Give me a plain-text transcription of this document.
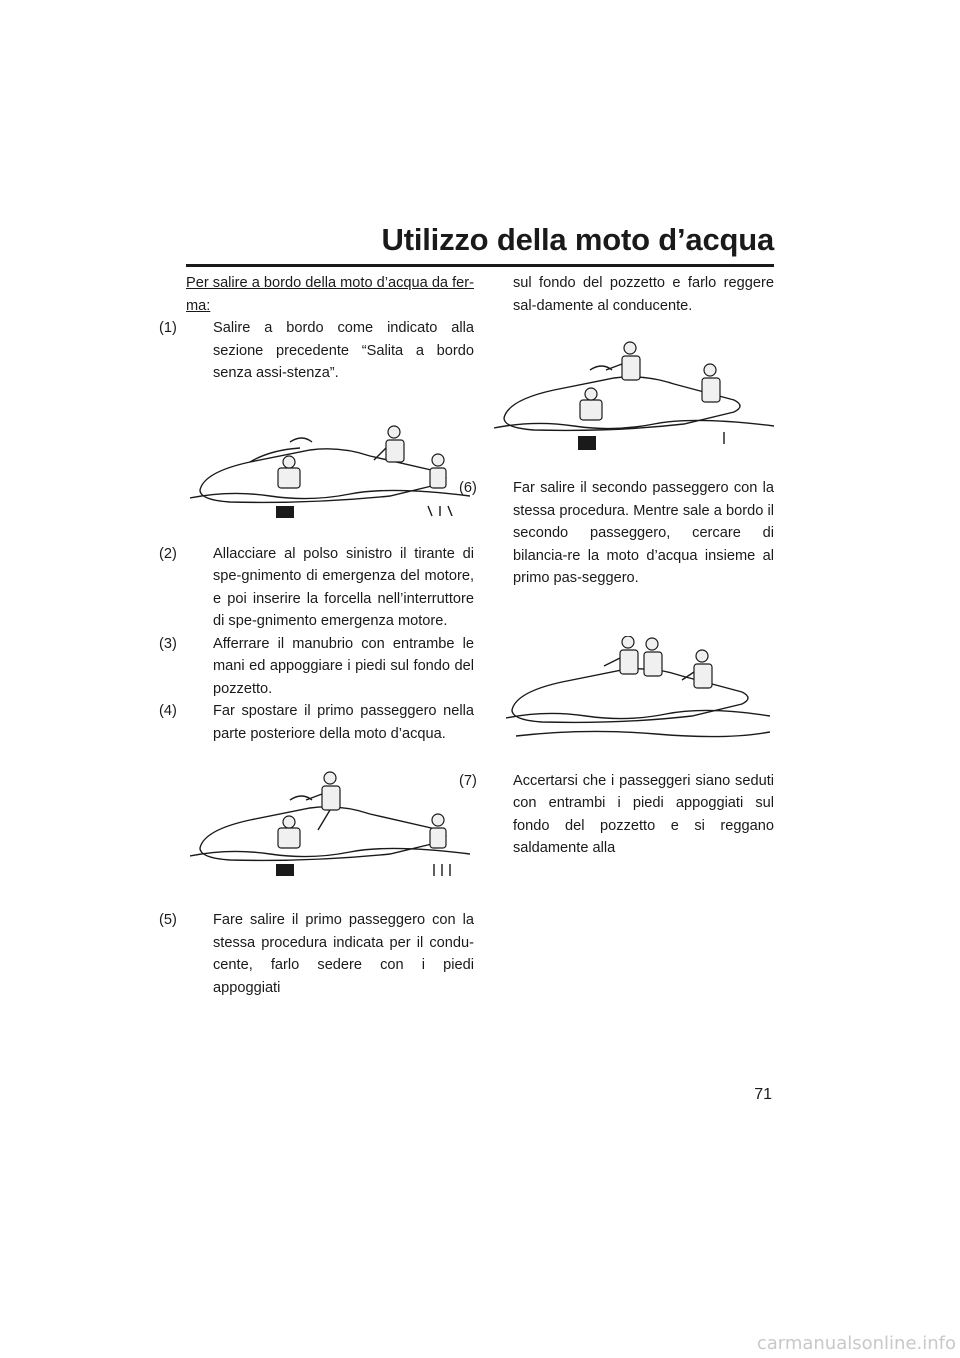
Utilizzo della moto d’acqua

Per salire a bordo della moto d’acqua da fer-ma:

(1) Salire a bordo come indicato alla sezione precedente “Salita a bordo senza assi-stenza”.

(2) Allacciare al polso sinistro il tirante di spe-gnimento di emergenza del motore, e poi inserire la forcella nell’interruttore di spe-gnimento emergenza motore.

(3) Afferrare il manubrio con entrambe le mani ed appoggiare i piedi sul fondo del pozzetto.

(4) Far spostare il primo passeggero nella parte posteriore della moto d’acqua.

(5) Fare salire il primo passeggero con la stessa procedura indicata per il condu-cente, farlo sedere con i piedi appoggiati

sul fondo del pozzetto e farlo reggere sal-damente al conducente.

(6) Far salire il secondo passeggero con la stessa procedura. Mentre sale a bordo il secondo passeggero, cercare di bilancia-re la moto d’acqua insieme al primo pas-seggero.

(7) Accertarsi che i passeggeri siano seduti con entrambi i piedi appoggiati sul fondo del pozzetto e si reggano saldamente alla

71
carmanualsonline.info
